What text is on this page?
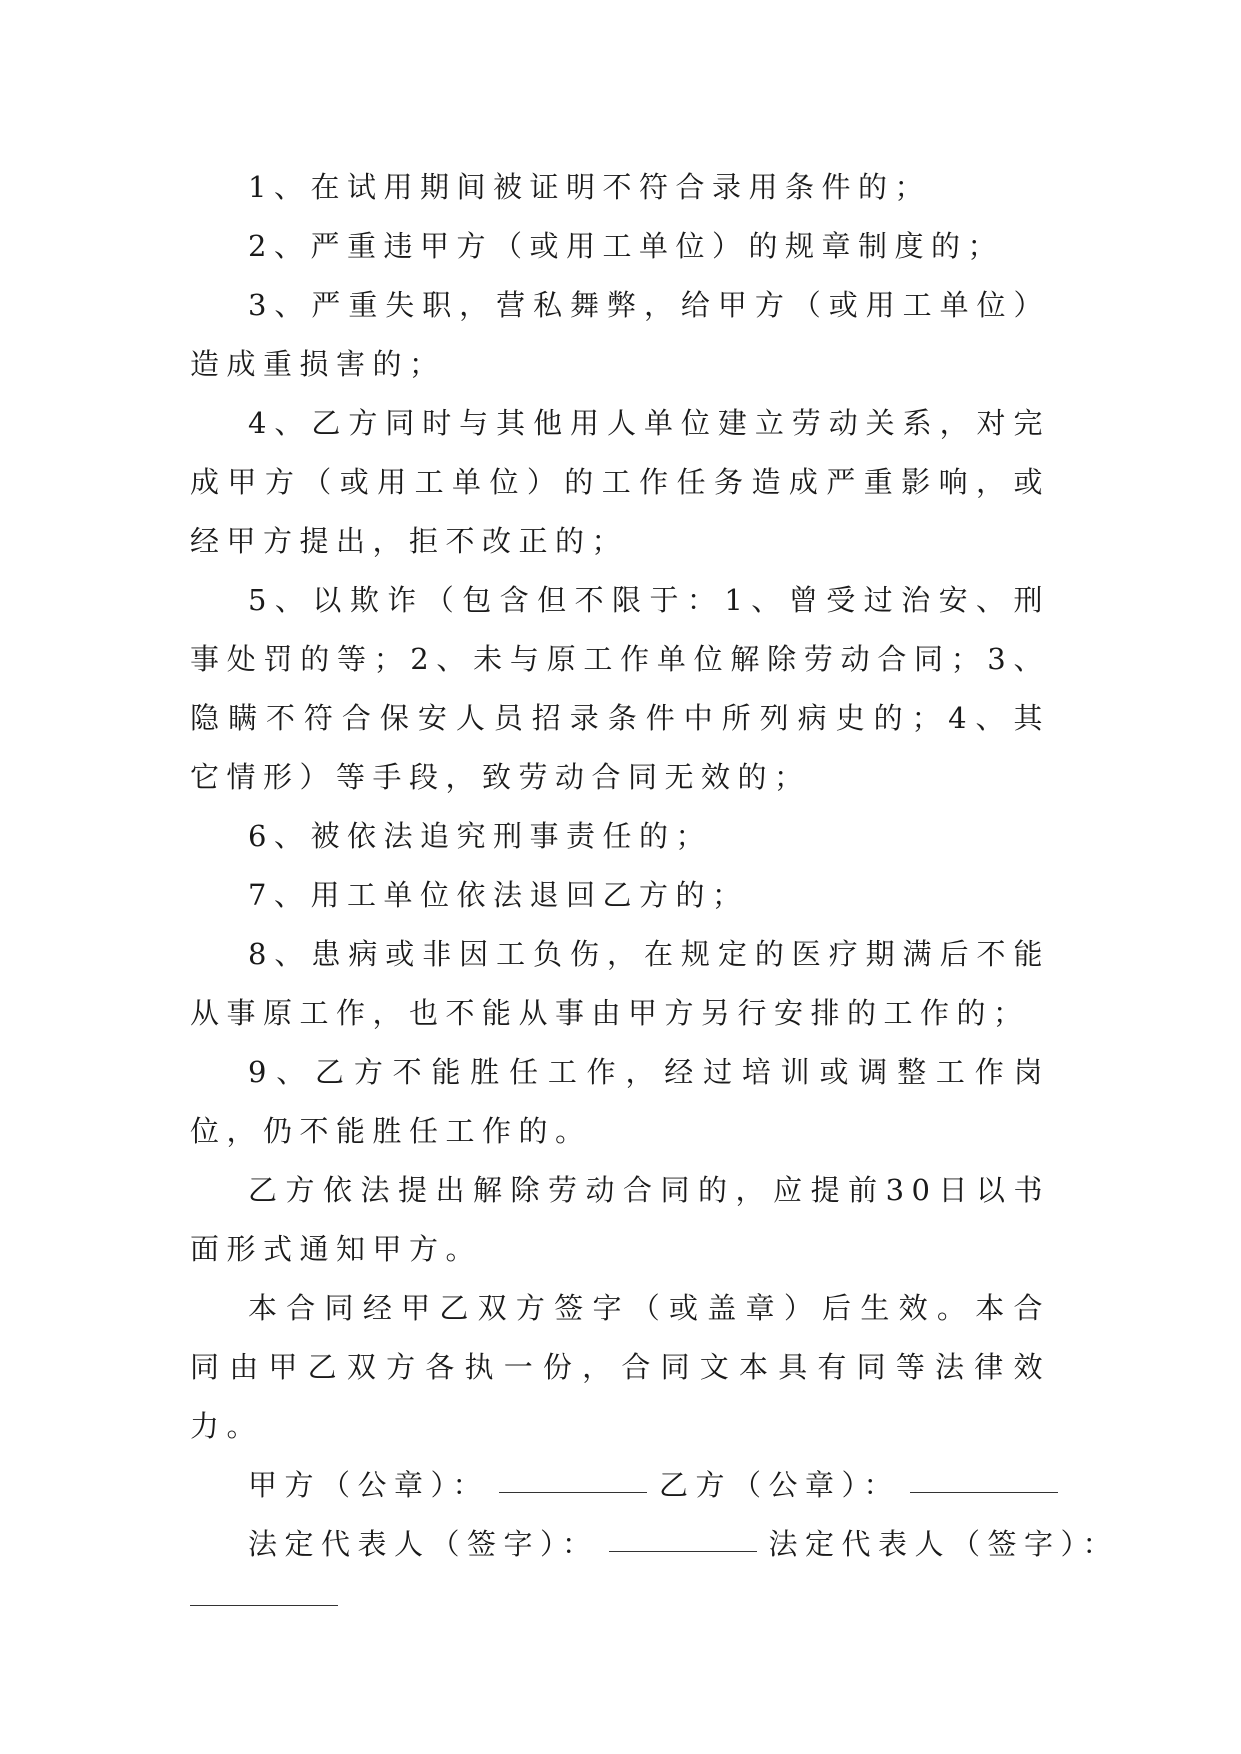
1、在试用期间被证明不符合录用条件的；

2、严重违甲方（或用工单位）的规章制度的；

3、严重失职，营私舞弊，给甲方（或用工单位）造成重损害的；

4、乙方同时与其他用人单位建立劳动关系，对完成甲方（或用工单位）的工作任务造成严重影响，或经甲方提出，拒不改正的；

5、以欺诈（包含但不限于：1、曾受过治安、刑事处罚的等；2、未与原工作单位解除劳动合同；3、隐瞒不符合保安人员招录条件中所列病史的；4、其它情形）等手段，致劳动合同无效的；

6、被依法追究刑事责任的；

7、用工单位依法退回乙方的；

8、患病或非因工负伤，在规定的医疗期满后不能从事原工作，也不能从事由甲方另行安排的工作的；

9、乙方不能胜任工作，经过培训或调整工作岗位，仍不能胜任工作的。

乙方依法提出解除劳动合同的，应提前30日以书面形式通知甲方。

本合同经甲乙双方签字（或盖章）后生效。本合同由甲乙双方各执一份，合同文本具有同等法律效力。

甲方（公章）：	乙方（公章）：

法定代表人（签字）：	法定代表人（签字）：
